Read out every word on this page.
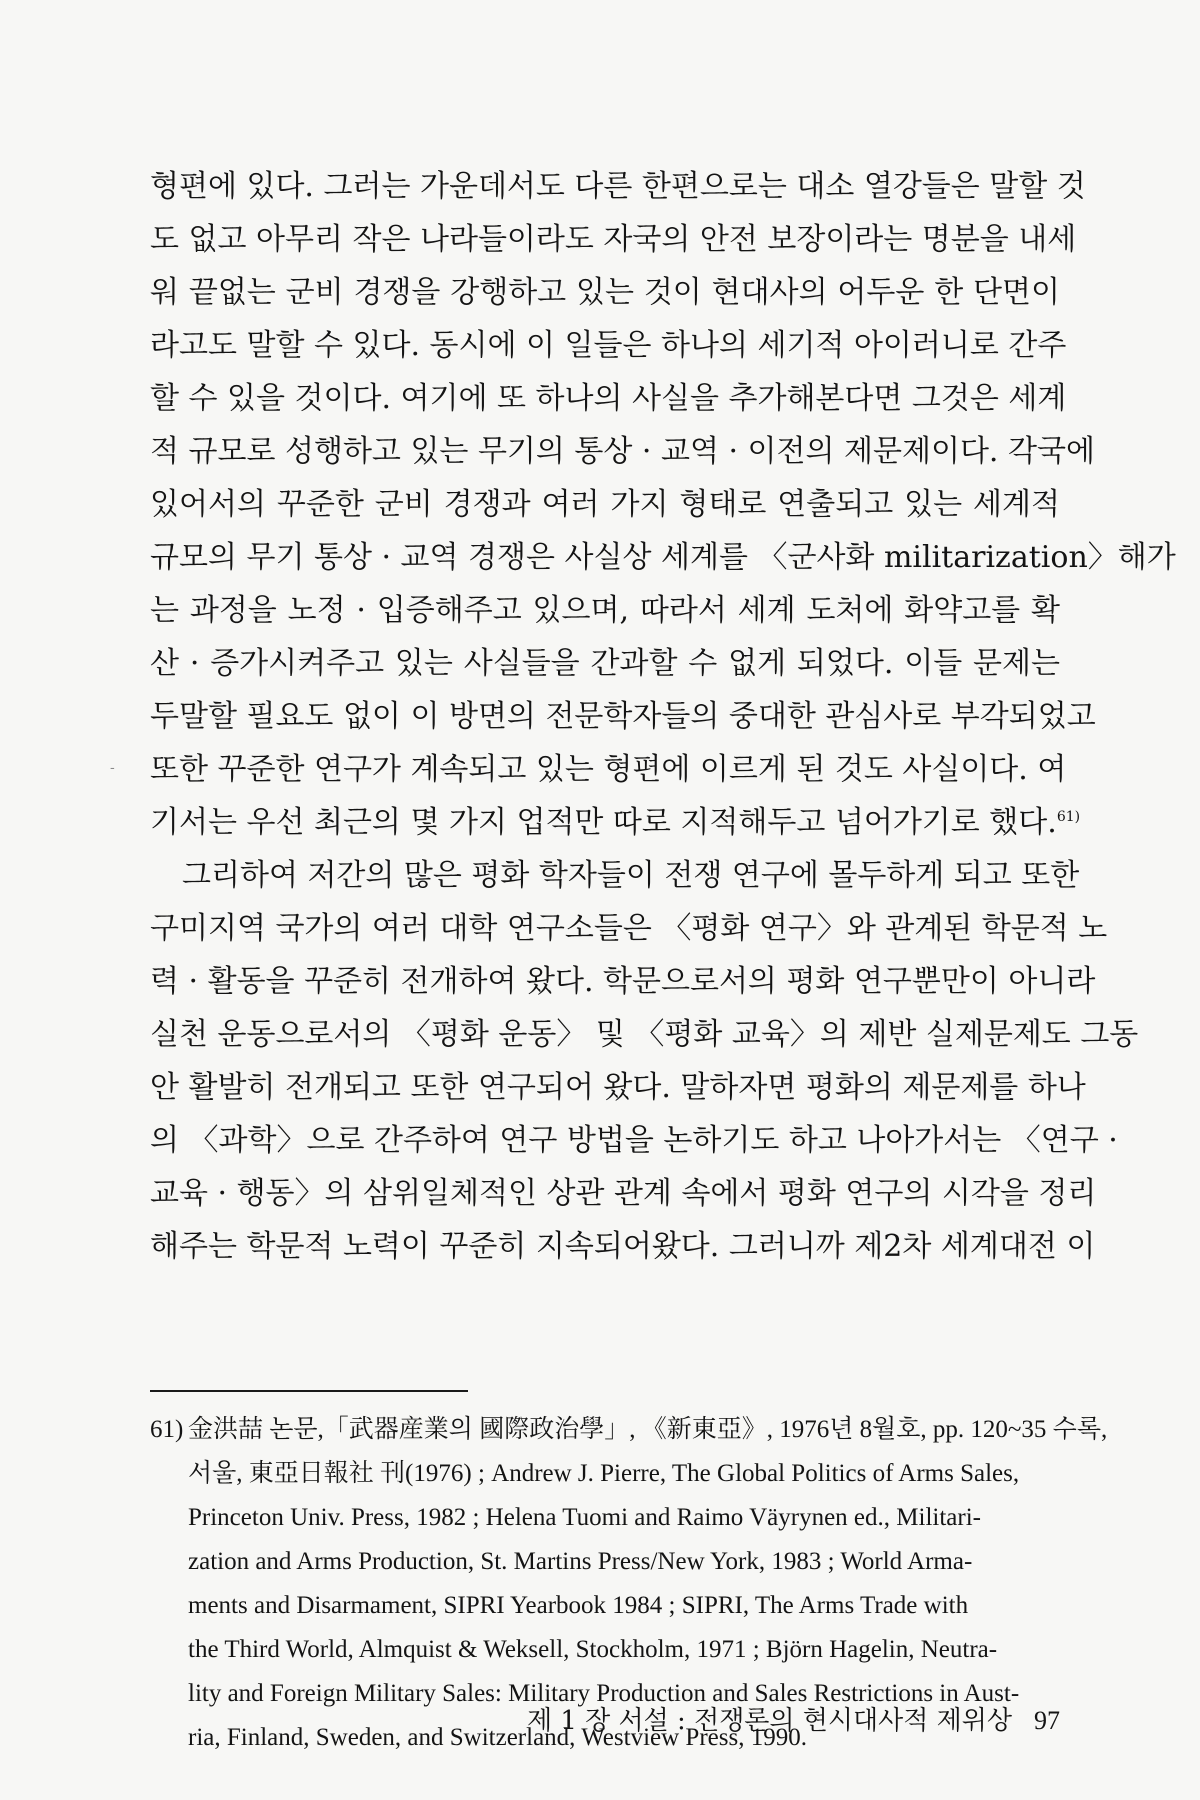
형편에 있다. 그러는 가운데서도 다른 한편으로는 대소 열강들은 말할 것
도 없고 아무리 작은 나라들이라도 자국의 안전 보장이라는 명분을 내세
워 끝없는 군비 경쟁을 강행하고 있는 것이 현대사의 어두운 한 단면이
라고도 말할 수 있다. 동시에 이 일들은 하나의 세기적 아이러니로 간주
할 수 있을 것이다. 여기에 또 하나의 사실을 추가해본다면 그것은 세계
적 규모로 성행하고 있는 무기의 통상 · 교역 · 이전의 제문제이다. 각국에
있어서의 꾸준한 군비 경쟁과 여러 가지 형태로 연출되고 있는 세계적
규모의 무기 통상 · 교역 경쟁은 사실상 세계를 〈군사화 militarization〉해가
는 과정을 노정 · 입증해주고 있으며, 따라서 세계 도처에 화약고를 확
산 · 증가시켜주고 있는 사실들을 간과할 수 없게 되었다. 이들 문제는
두말할 필요도 없이 이 방면의 전문학자들의 중대한 관심사로 부각되었고
또한 꾸준한 연구가 계속되고 있는 형편에 이르게 된 것도 사실이다. 여
기서는 우선 최근의 몇 가지 업적만 따로 지적해두고 넘어가기로 했다.$^{61)}$
그리하여 저간의 많은 평화 학자들이 전쟁 연구에 몰두하게 되고 또한
구미지역 국가의 여러 대학 연구소들은 〈평화 연구〉와 관계된 학문적 노
력 · 활동을 꾸준히 전개하여 왔다. 학문으로서의 평화 연구뿐만이 아니라
실천 운동으로서의 〈평화 운동〉 및 〈평화 교육〉의 제반 실제문제도 그동
안 활발히 전개되고 또한 연구되어 왔다. 말하자면 평화의 제문제를 하나
의 〈과학〉으로 간주하여 연구 방법을 논하기도 하고 나아가서는 〈연구 ·
교육 · 행동〉의 삼위일체적인 상관 관계 속에서 평화 연구의 시각을 정리
해주는 학문적 노력이 꾸준히 지속되어왔다. 그러니까 제2차 세계대전 이
-
61) 金洪喆 논문,「武器産業의 國際政治學」, 《新東亞》, 1976년 8월호, pp. 120~35 수록,
서울, 東亞日報社 刊(1976) ; Andrew J. Pierre, The Global Politics of Arms Sales,
Princeton Univ. Press, 1982 ; Helena Tuomi and Raimo Väyrynen ed., Militari-
zation and Arms Production, St. Martins Press/New York, 1983 ; World Arma-
ments and Disarmament, SIPRI Yearbook 1984 ; SIPRI, The Arms Trade with
the Third World, Almquist & Weksell, Stockholm, 1971 ; Björn Hagelin, Neutra-
lity and Foreign Military Sales: Military Production and Sales Restrictions in Aust-
ria, Finland, Sweden, and Switzerland, Westview Press, 1990.
제 1 장 서설 : 전쟁론의 현시대사적 제위상 97
